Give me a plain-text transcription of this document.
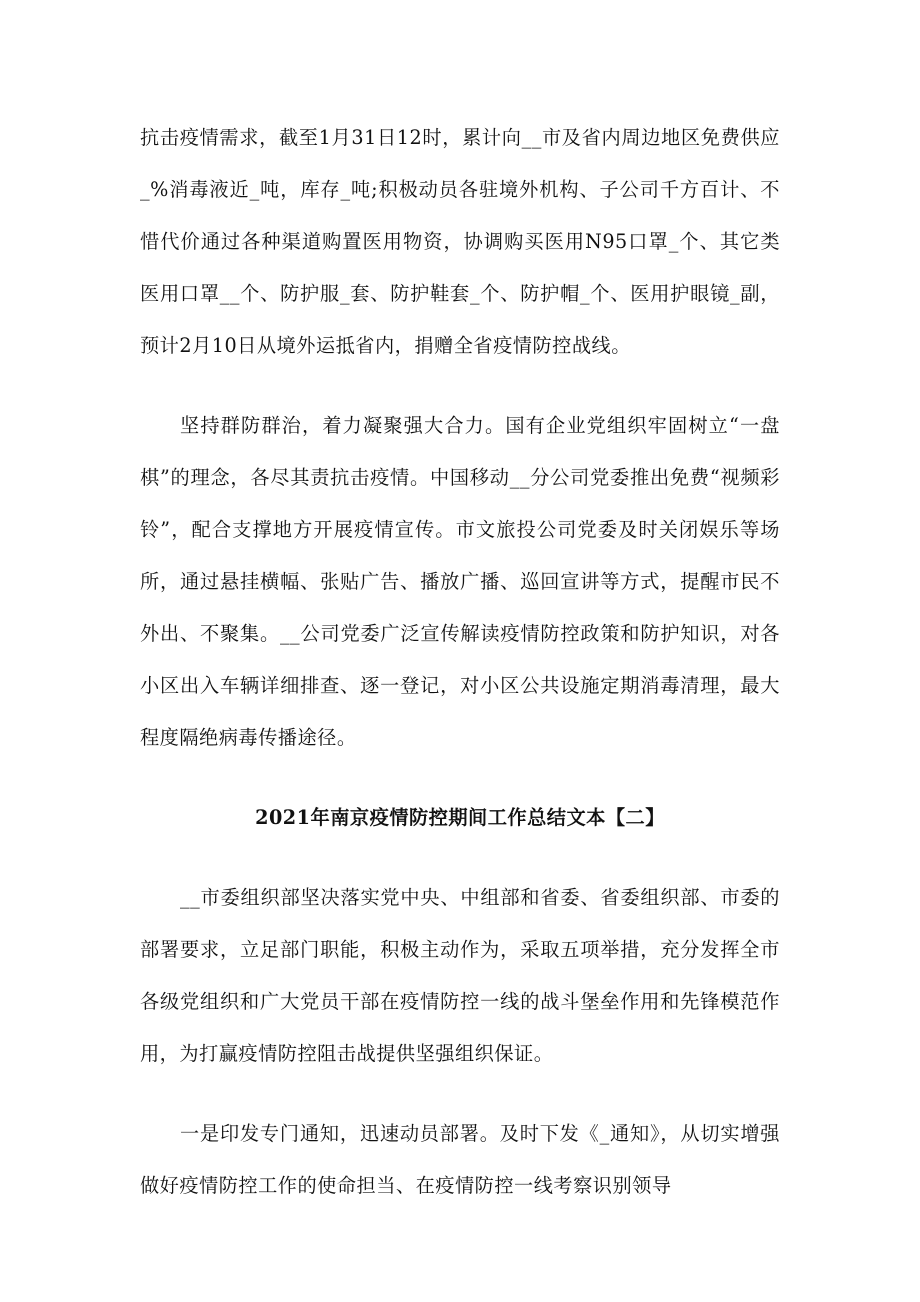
抗击疫情需求，截至1月31日12时，累计向__市及省内周边地区免费供应_%消毒液近_吨，库存_吨;积极动员各驻境外机构、子公司千方百计、不惜代价通过各种渠道购置医用物资，协调购买医用N95口罩_个、其它类医用口罩__个、防护服_套、防护鞋套_个、防护帽_个、医用护眼镜_副，预计2月10日从境外运抵省内，捐赠全省疫情防控战线。

坚持群防群治，着力凝聚强大合力。国有企业党组织牢固树立“一盘棋”的理念，各尽其责抗击疫情。中国移动__分公司党委推出免费“视频彩铃”，配合支撑地方开展疫情宣传。市文旅投公司党委及时关闭娱乐等场所，通过悬挂横幅、张贴广告、播放广播、巡回宣讲等方式，提醒市民不外出、不聚集。__公司党委广泛宣传解读疫情防控政策和防护知识，对各小区出入车辆详细排查、逐一登记，对小区公共设施定期消毒清理，最大程度隔绝病毒传播途径。

2021年南京疫情防控期间工作总结文本【二】

__市委组织部坚决落实党中央、中组部和省委、省委组织部、市委的部署要求，立足部门职能，积极主动作为，采取五项举措，充分发挥全市各级党组织和广大党员干部在疫情防控一线的战斗堡垒作用和先锋模范作用，为打赢疫情防控阻击战提供坚强组织保证。

一是印发专门通知，迅速动员部署。及时下发《_通知》，从切实增强做好疫情防控工作的使命担当、在疫情防控一线考察识别领导
